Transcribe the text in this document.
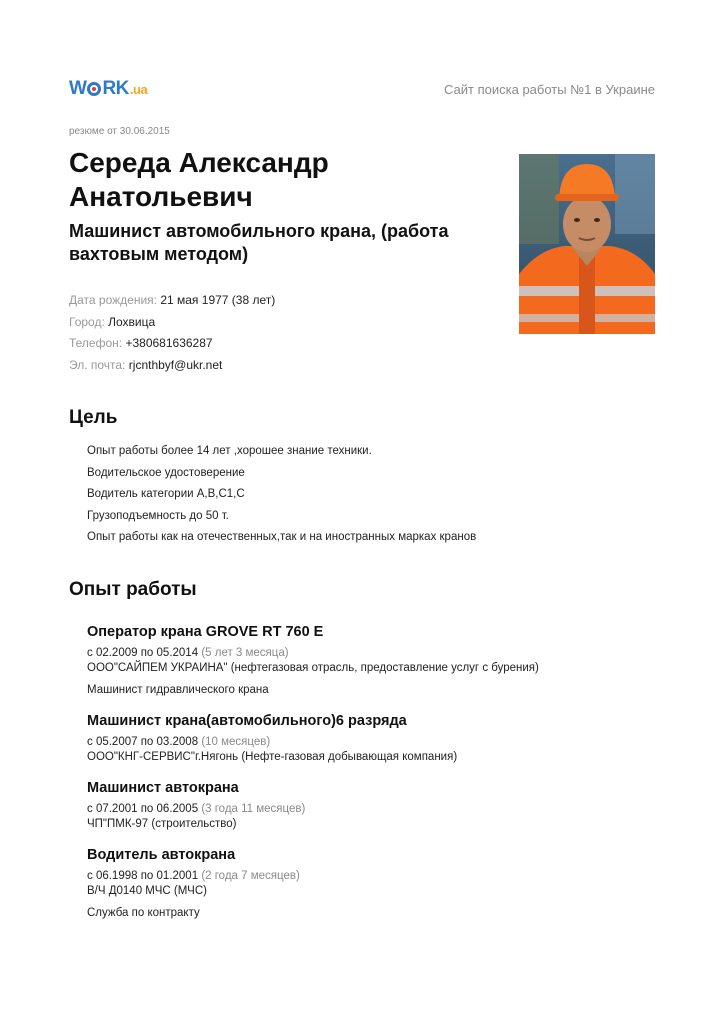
W RK .ua	Сайт поиска работы №1 в Украине
резюме от 30.06.2015
Середа Александр Анатольевич
Машинист автомобильного крана, (работа вахтовым методом)
Дата рождения: 21 мая 1977 (38 лет)
Город: Лохвица
Телефон: +380681636287
Эл. почта: rjcnthbyf@ukr.net
Цель
Опыт работы более 14 лет ,хорошее знание техники.
Водительское удостоверение
Водитель категории А,В,С1,С
Грузоподъемность до 50 т.
Опыт работы как на отечественных,так и на иностранных марках кранов
Опыт работы
Оператор крана GROVE RT 760 E
с 02.2009 по 05.2014 (5 лет 3 месяца)
ООО"САЙПЕМ УКРАИНА" (нефтегазовая отрасль, предоставление услуг с бурения)
Машинист гидравлического крана
Машинист крана(автомобильного)6 разряда
с 05.2007 по 03.2008 (10 месяцев)
ООО"КНГ-СЕРВИС"г.Нягонь (Нефте-газовая добывающая компания)
Машинист автокрана
с 07.2001 по 06.2005 (3 года 11 месяцев)
ЧП"ПМК-97 (строительство)
Водитель автокрана
с 06.1998 по 01.2001 (2 года 7 месяцев)
В/Ч Д0140 МЧС (МЧС)
Служба по контракту
